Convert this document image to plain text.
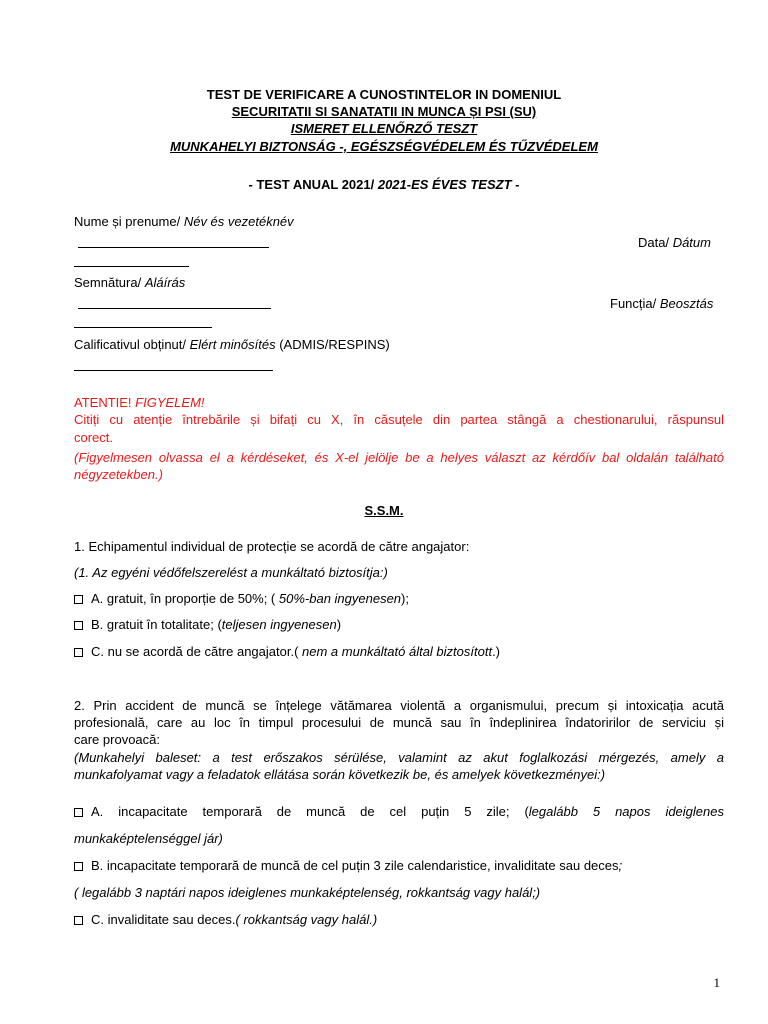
TEST DE VERIFICARE A CUNOSTINTELOR IN DOMENIUL
SECURITATII SI SANATATII IN MUNCA ȘI PSI (SU)
ISMERET ELLENŐRZŐ TESZT
MUNKAHELYI BIZTONSÁG -, EGÉSZSÉGVÉDELEM ÉS TŰZVÉDELEM
- TEST ANUAL 2021/ 2021-ES ÉVES TESZT -
Nume și prenume/ Név és vezetéknév
Data/ Dátum
Semnătura/ Aláírás
Funcția/ Beosztás
Calificativul obținut/ Elért minősítés (ADMIS/RESPINS)
ATENTIE! FIGYELEM!
Citiți cu atenție întrebările și bifați cu X, în căsuțele din partea stângă a chestionarului, răspunsul
corect.
(Figyelmesen olvassa el a kérdéseket, és X-el jelölje be a helyes választ az kérdőív bal oldalán található
négyzetekben.)
S.S.M.
1. Echipamentul individual de protecție se acordă de către angajator:
(1. Az egyéni védőfelszerelést a munkáltató biztosítja:)
A. gratuit, în proporție de 50%; ( 50%-ban ingyenesen);
B. gratuit în totalitate; (teljesen ingyenesen)
C. nu se acordă de către angajator.( nem a munkáltató által biztosított.)
2. Prin accident de muncă se înțelege vătămarea violentă a organismului, precum și intoxicația acută
profesională, care au loc în timpul procesului de muncă sau în îndeplinirea îndatoririlor de serviciu și
care provoacă:
(Munkahelyi baleset: a test erőszakos sérülése, valamint az akut foglalkozási mérgezés, amely a
munkafolyamat vagy a feladatok ellátása során következik be, és amelyek következményei:)
A. incapacitate temporară de muncă de cel puțin 5 zile; (legalább 5 napos ideiglenes
munkaképtelenséggel jár)
B. incapacitate temporară de muncă de cel puțin 3 zile calendaristice, invaliditate sau deces;
( legalább 3 naptári napos ideiglenes munkaképtelenség, rokkantság vagy halál;)
C. invaliditate sau deces.( rokkantság vagy halál.)
1
